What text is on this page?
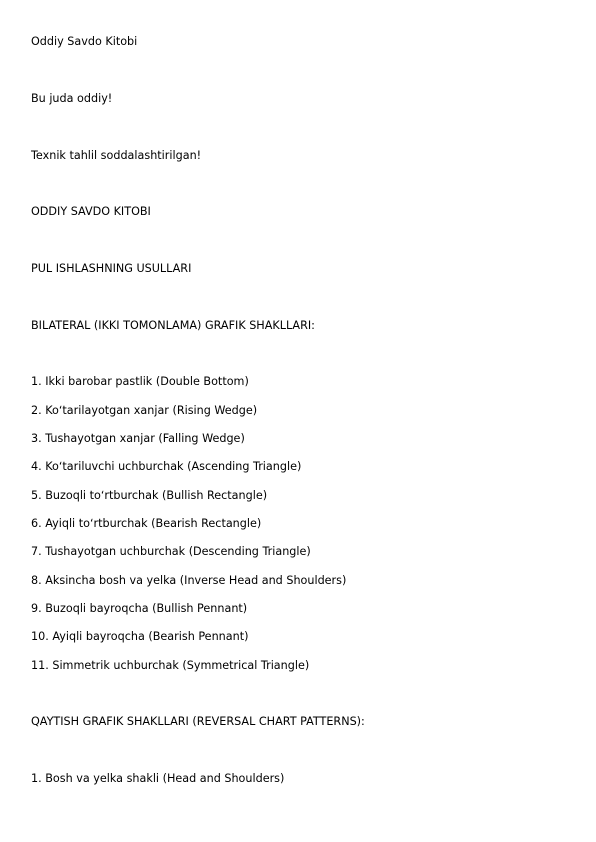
Oddiy Savdo Kitobi
Bu juda oddiy!
Texnik tahlil soddalashtirilgan!
ODDIY SAVDO KITOBI
PUL ISHLASHNING USULLARI
BILATERAL (IKKI TOMONLAMA) GRAFIK SHAKLLARI:
1. Ikki barobar pastlik (Double Bottom)
2. Koʻtarilayotgan xanjar (Rising Wedge)
3. Tushayotgan xanjar (Falling Wedge)
4. Koʻtariluvchi uchburchak (Ascending Triangle)
5. Buzoqli toʻrtburchak (Bullish Rectangle)
6. Ayiqli toʻrtburchak (Bearish Rectangle)
7. Tushayotgan uchburchak (Descending Triangle)
8. Aksincha bosh va yelka (Inverse Head and Shoulders)
9. Buzoqli bayroqcha (Bullish Pennant)
10. Ayiqli bayroqcha (Bearish Pennant)
11. Simmetrik uchburchak (Symmetrical Triangle)
QAYTISH GRAFIK SHAKLLARI (REVERSAL CHART PATTERNS):
1. Bosh va yelka shakli (Head and Shoulders)
